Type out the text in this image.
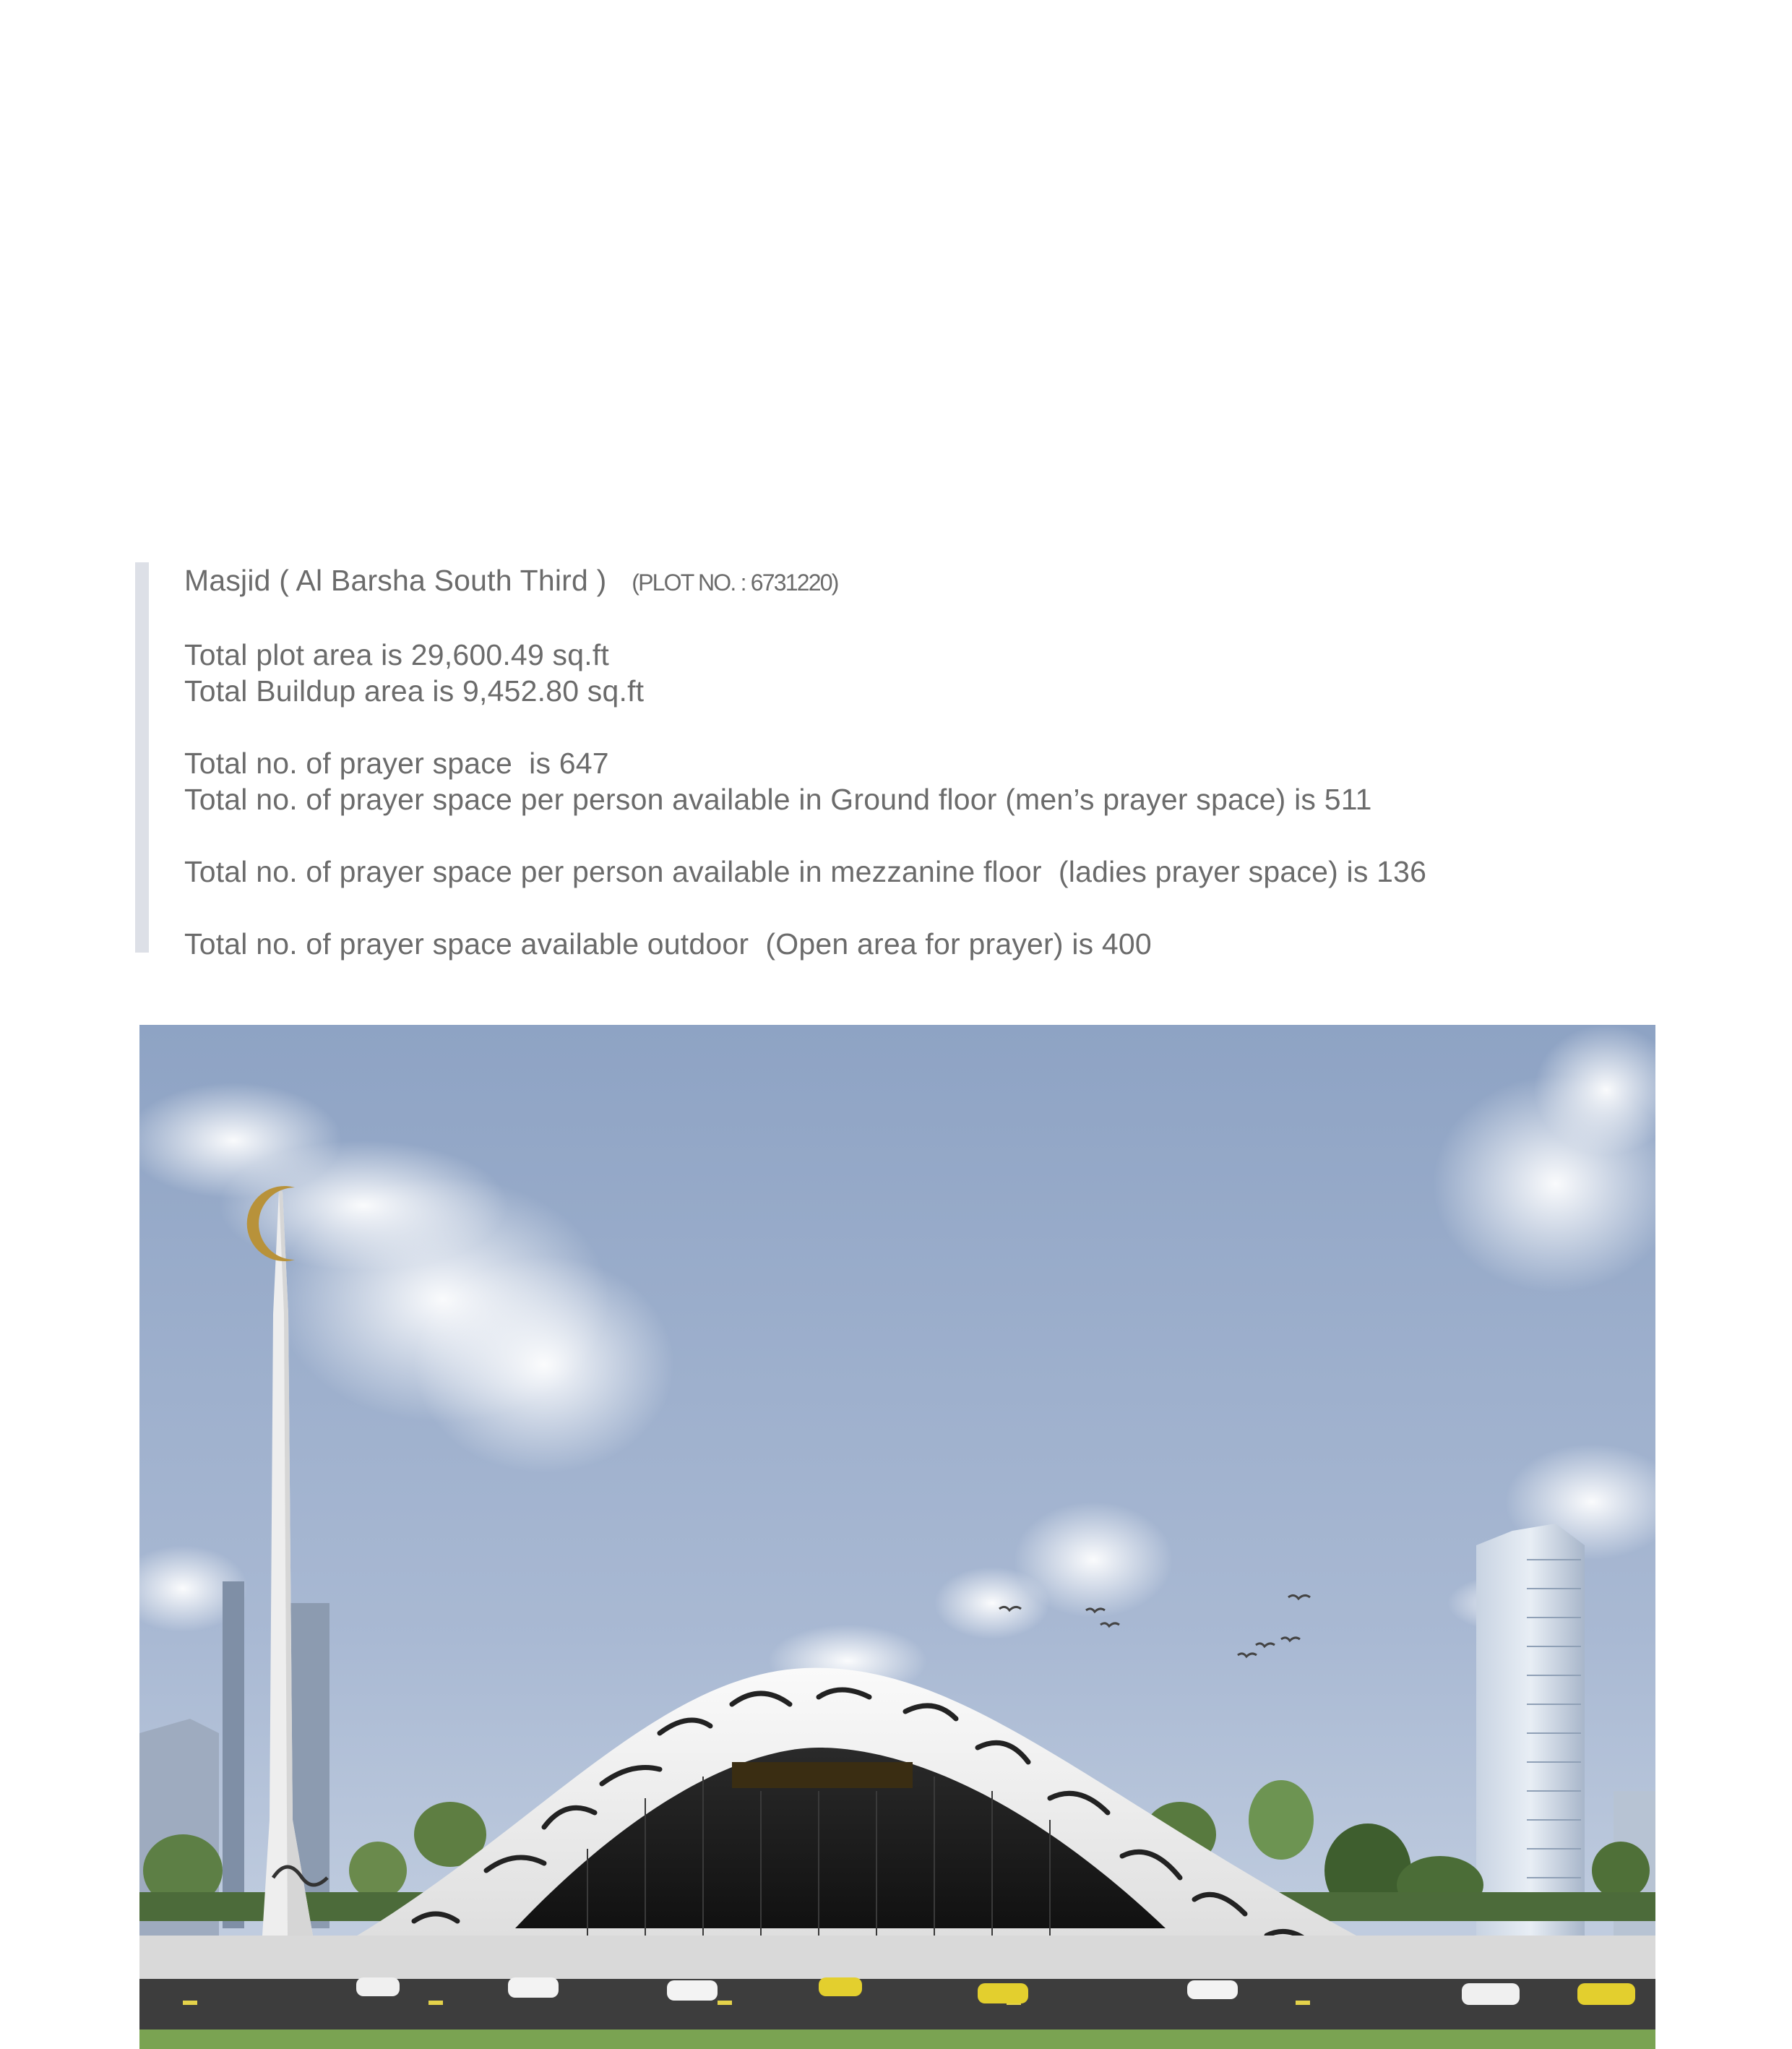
Masjid ( Al Barsha South Third ) (PLOT NO. : 6731220)
Total plot area is 29,600.49 sq.ft
Total Buildup area is 9,452.80 sq.ft
Total no. of prayer space  is 647
Total no. of prayer space per person available in Ground floor (men’s prayer space) is 511
Total no. of prayer space per person available in mezzanine floor  (ladies prayer space) is 136
Total no. of prayer space available outdoor  (Open area for prayer) is 400
